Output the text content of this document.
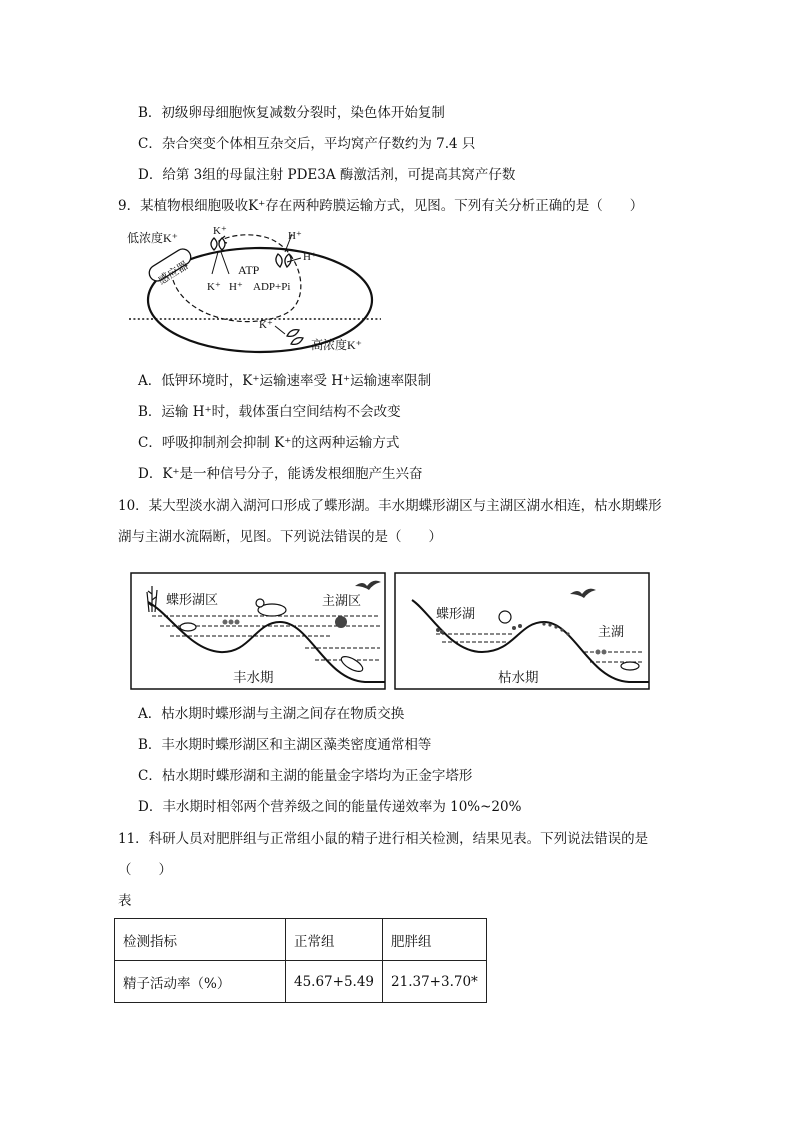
B．初级卵母细胞恢复减数分裂时，染色体开始复制
C．杂合突变个体相互杂交后，平均窝产仔数约为 7.4 只
D．给第 3组的母鼠注射 PDE3A 酶激活剂，可提高其窝产仔数
9．某植物根细胞吸收K⁺存在两种跨膜运输方式，见图。下列有关分析正确的是（　　）
感应器
低浓度K⁺	K⁺	H⁺
H⁺
ATP
K⁺ H⁺ ADP+Pi
K⁺
高浓度K⁺
A．低钾环境时，K⁺运输速率受 H⁺运输速率限制
B．运输 H⁺时，载体蛋白空间结构不会改变
C．呼吸抑制剂会抑制 K⁺的这两种运输方式
D．K⁺是一种信号分子，能诱发根细胞产生兴奋
10．某大型淡水湖入湖河口形成了蝶形湖。丰水期蝶形湖区与主湖区湖水相连，枯水期蝶形
湖与主湖水流隔断，见图。下列说法错误的是（　　）
蝶形湖区	主湖区
丰水期
蝶形湖
主湖
枯水期
A．枯水期时蝶形湖与主湖之间存在物质交换
B．丰水期时蝶形湖区和主湖区藻类密度通常相等
C．枯水期时蝶形湖和主湖的能量金字塔均为正金字塔形
D．丰水期时相邻两个营养级之间的能量传递效率为 10%~20%
11．科研人员对肥胖组与正常组小鼠的精子进行相关检测，结果见表。下列说法错误的是
（　　）
表
检测指标	正常组	肥胖组
精子活动率（%）	45.67+5.49	21.37+3.70*
